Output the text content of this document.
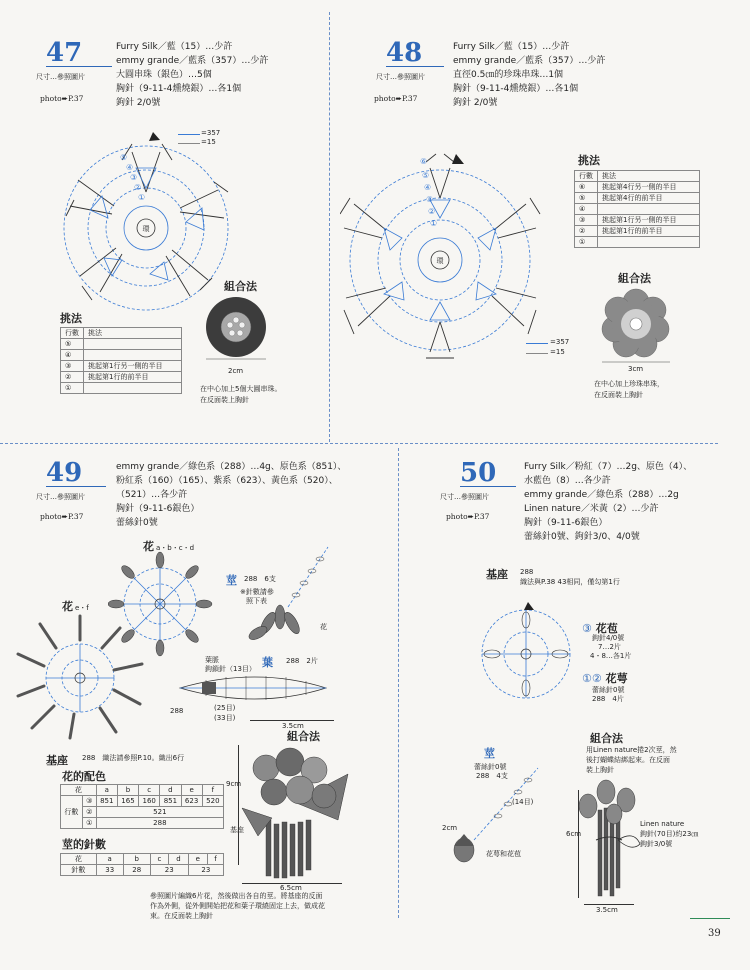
47
尺寸…參照圖片
photo➨P.37
Furry Silk／藍（15）…少許
emmy grande／藍系（357）…少許
大圓串珠（銀色）…5個
胸針（9-11-4燻燒銀）…各1個
鉤針 2/0號
=357
=15
環
⑤
④
③
②
①
挑法
行數	挑法
⑤	
④	
③	挑起第1行另一側的半目
②	挑起第1行的前半目
①	
組合法
2cm
在中心加上5個大圓串珠。
在反面裝上胸針
48
尺寸…參照圖片
photo➨P.37
Furry Silk／藍（15）…少許
emmy grande／藍系（357）…少許
直徑0.5㎝的珍珠串珠…1個
胸針（9-11-4燻燒銀）…各1個
鉤針 2/0號
環
⑥
⑤
④
③
②
①
挑法
行數	挑法
⑥	挑起第4行另一側的半目
⑤	挑起第4行的前半目
④	
③	挑起第1行另一側的半目
②	挑起第1行的前半目
①	
組合法
3cm
在中心加上珍珠串珠，
在反面裝上胸針
=357
=15
49
尺寸…參照圖片
photo➨P.37
emmy grande／綠色系（288）…4g、原色系（851）、
粉紅系（160）（165）、紫系（623）、黃色系（520）、
（521）…各少許
胸針（9-11-6銀色）
蕾絲針0號
花a・b・c・d
花e・f
莖 288　6支
※針數請參
照下表
花
葉 288　2片
葉脈
鉤鎖針（13目）
288	(25目)
(33目)
3.5cm
基座 288　織法請參照P.10。織出6行
花的配色
花		a	b	c	d	e	f
行數	③	851	165	160	851	623	520
	②	521					
	①	288					
莖的針數
花	a	b	c	d	e	f
針數	33	28	23		23	
組合法
基座
9cm
6.5cm
參照圖片編織6片花，然後做出各自的莖。將基座的反面
作為外側，從外側開始把花和葉子環繞固定上去，做成花
束。在反面裝上胸針
50
尺寸…參照圖片
photo➨P.37
Furry Silk／粉紅（7）…2g、原色（4）、
水藍色（8）…各少許
emmy grande／綠色系（288）…2g
Linen nature／米黃（2）…少許
胸針（9-11-6銀色）
蕾絲針0號、鉤針3/0、4/0號
基座 288
織法與P.38 43相同，僅勾第1行
③ 花苞
鉤針4/0號
7…2片
4・8…各1片
①② 花萼
蕾絲針0號
288　4片
莖
蕾絲針0號
288　4支
(14目)
2cm
花萼和花苞
組合法
用Linen nature捲2次莖，然
後打蝴蝶結綁起來。在反面
裝上胸針
Linen nature
鉤針(70目)約23㎝
鉤針3/0號
6cm
3.5cm
39
